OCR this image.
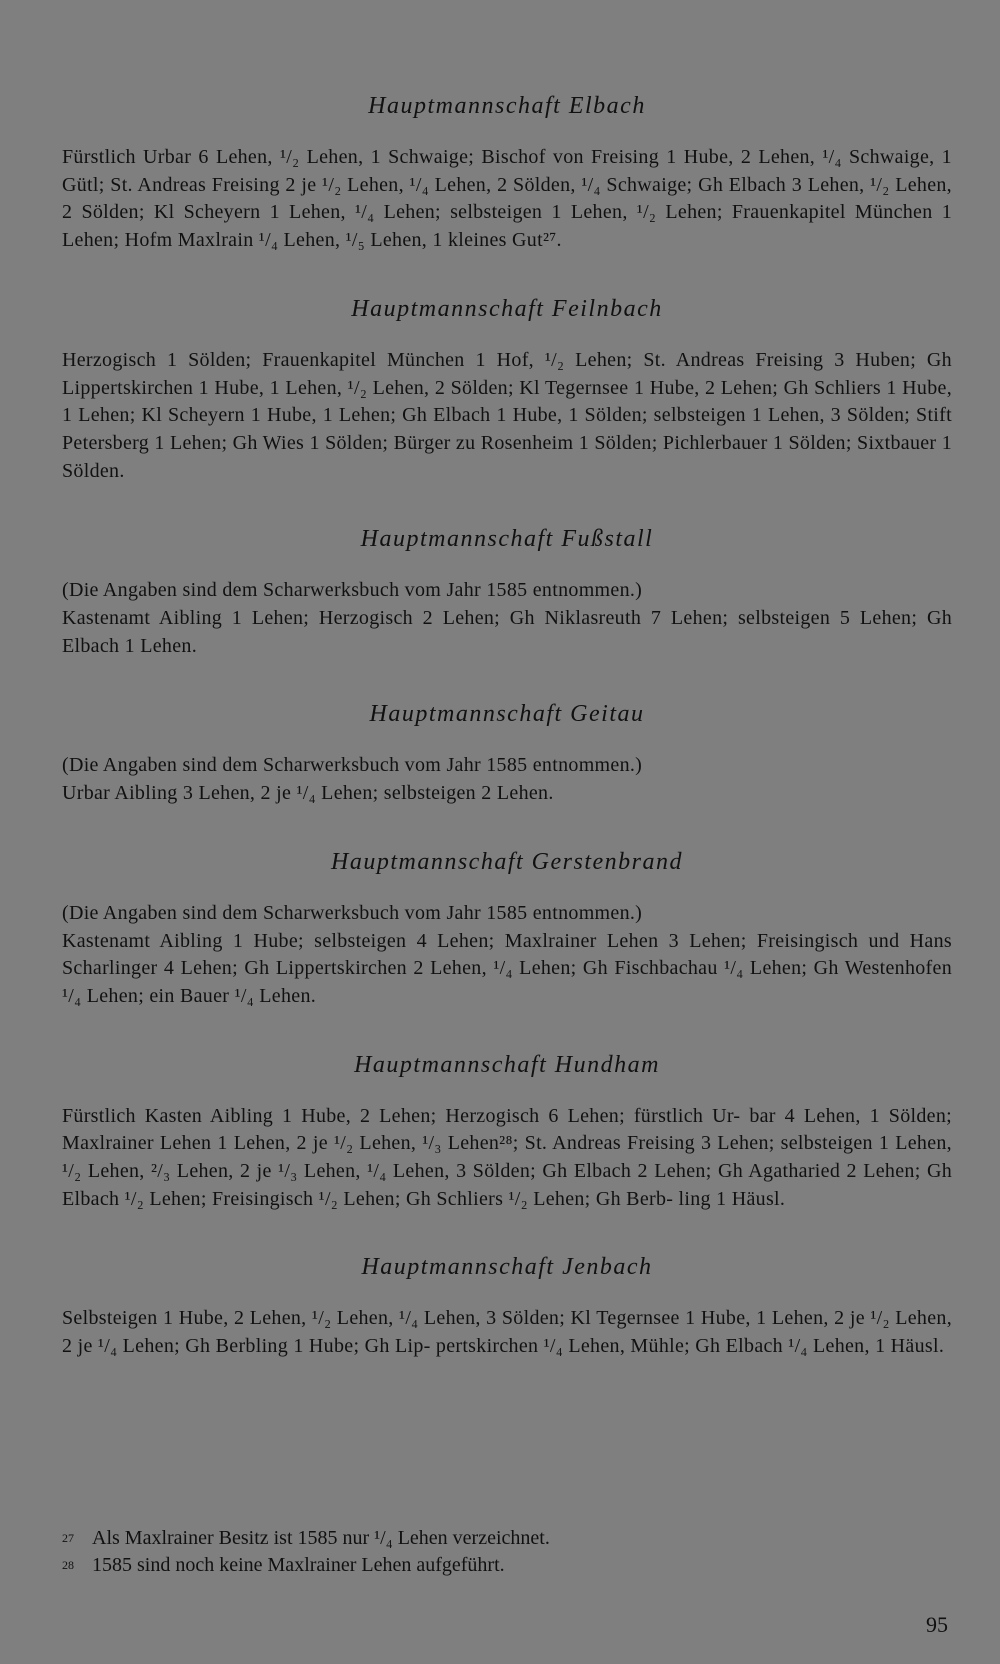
Hauptmannschaft Elbach

Fürstlich Urbar 6 Lehen, ¹/₂ Lehen, 1 Schwaige; Bischof von Freising 1 Hube, 2 Lehen, ¹/₄ Schwaige, 1 Gütl; St. Andreas Freising 2 je ¹/₂ Lehen, ¹/₄ Lehen, 2 Sölden, ¹/₄ Schwaige; Gh Elbach 3 Lehen, ¹/₂ Lehen, 2 Sölden; Kl Scheyern 1 Lehen, ¹/₄ Lehen; selbsteigen 1 Lehen, ¹/₂ Lehen; Frauenkapitel München 1 Lehen; Hofm Maxlrain ¹/₄ Lehen, ¹/₅ Lehen, 1 kleines Gut²⁷.

Hauptmannschaft Feilnbach

Herzogisch 1 Sölden; Frauenkapitel München 1 Hof, ¹/₂ Lehen; St. Andreas Freising 3 Huben; Gh Lippertskirchen 1 Hube, 1 Lehen, ¹/₂ Lehen, 2 Sölden; Kl Tegernsee 1 Hube, 2 Lehen; Gh Schliers 1 Hube, 1 Lehen; Kl Scheyern 1 Hube, 1 Lehen; Gh Elbach 1 Hube, 1 Sölden; selbsteigen 1 Lehen, 3 Sölden; Stift Petersberg 1 Lehen; Gh Wies 1 Sölden; Bürger zu Rosenheim 1 Sölden; Pichlerbauer 1 Sölden; Sixtbauer 1 Sölden.

Hauptmannschaft Fußstall

(Die Angaben sind dem Scharwerksbuch vom Jahr 1585 entnommen.)
Kastenamt Aibling 1 Lehen; Herzogisch 2 Lehen; Gh Niklasreuth 7 Lehen; selbsteigen 5 Lehen; Gh Elbach 1 Lehen.

Hauptmannschaft Geitau

(Die Angaben sind dem Scharwerksbuch vom Jahr 1585 entnommen.)
Urbar Aibling 3 Lehen, 2 je ¹/₄ Lehen; selbsteigen 2 Lehen.

Hauptmannschaft Gerstenbrand

(Die Angaben sind dem Scharwerksbuch vom Jahr 1585 entnommen.)
Kastenamt Aibling 1 Hube; selbsteigen 4 Lehen; Maxlrainer Lehen 3 Lehen; Freisingisch und Hans Scharlinger 4 Lehen; Gh Lippertskirchen 2 Lehen, ¹/₄ Lehen; Gh Fischbachau ¹/₄ Lehen; Gh Westenhofen ¹/₄ Lehen; ein Bauer ¹/₄ Lehen.

Hauptmannschaft Hundham

Fürstlich Kasten Aibling 1 Hube, 2 Lehen; Herzogisch 6 Lehen; fürstlich Ur- bar 4 Lehen, 1 Sölden; Maxlrainer Lehen 1 Lehen, 2 je ¹/₂ Lehen, ¹/₃ Lehen²⁸; St. Andreas Freising 3 Lehen; selbsteigen 1 Lehen, ¹/₂ Lehen, ²/₃ Lehen, 2 je ¹/₃ Lehen, ¹/₄ Lehen, 3 Sölden; Gh Elbach 2 Lehen; Gh Agatharied 2 Lehen; Gh Elbach ¹/₂ Lehen; Freisingisch ¹/₂ Lehen; Gh Schliers ¹/₂ Lehen; Gh Berb- ling 1 Häusl.

Hauptmannschaft Jenbach

Selbsteigen 1 Hube, 2 Lehen, ¹/₂ Lehen, ¹/₄ Lehen, 3 Sölden; Kl Tegernsee 1 Hube, 1 Lehen, 2 je ¹/₂ Lehen, 2 je ¹/₄ Lehen; Gh Berbling 1 Hube; Gh Lip- pertskirchen ¹/₄ Lehen, Mühle; Gh Elbach ¹/₄ Lehen, 1 Häusl.

27 Als Maxlrainer Besitz ist 1585 nur ¹/₄ Lehen verzeichnet.
28 1585 sind noch keine Maxlrainer Lehen aufgeführt.
95
